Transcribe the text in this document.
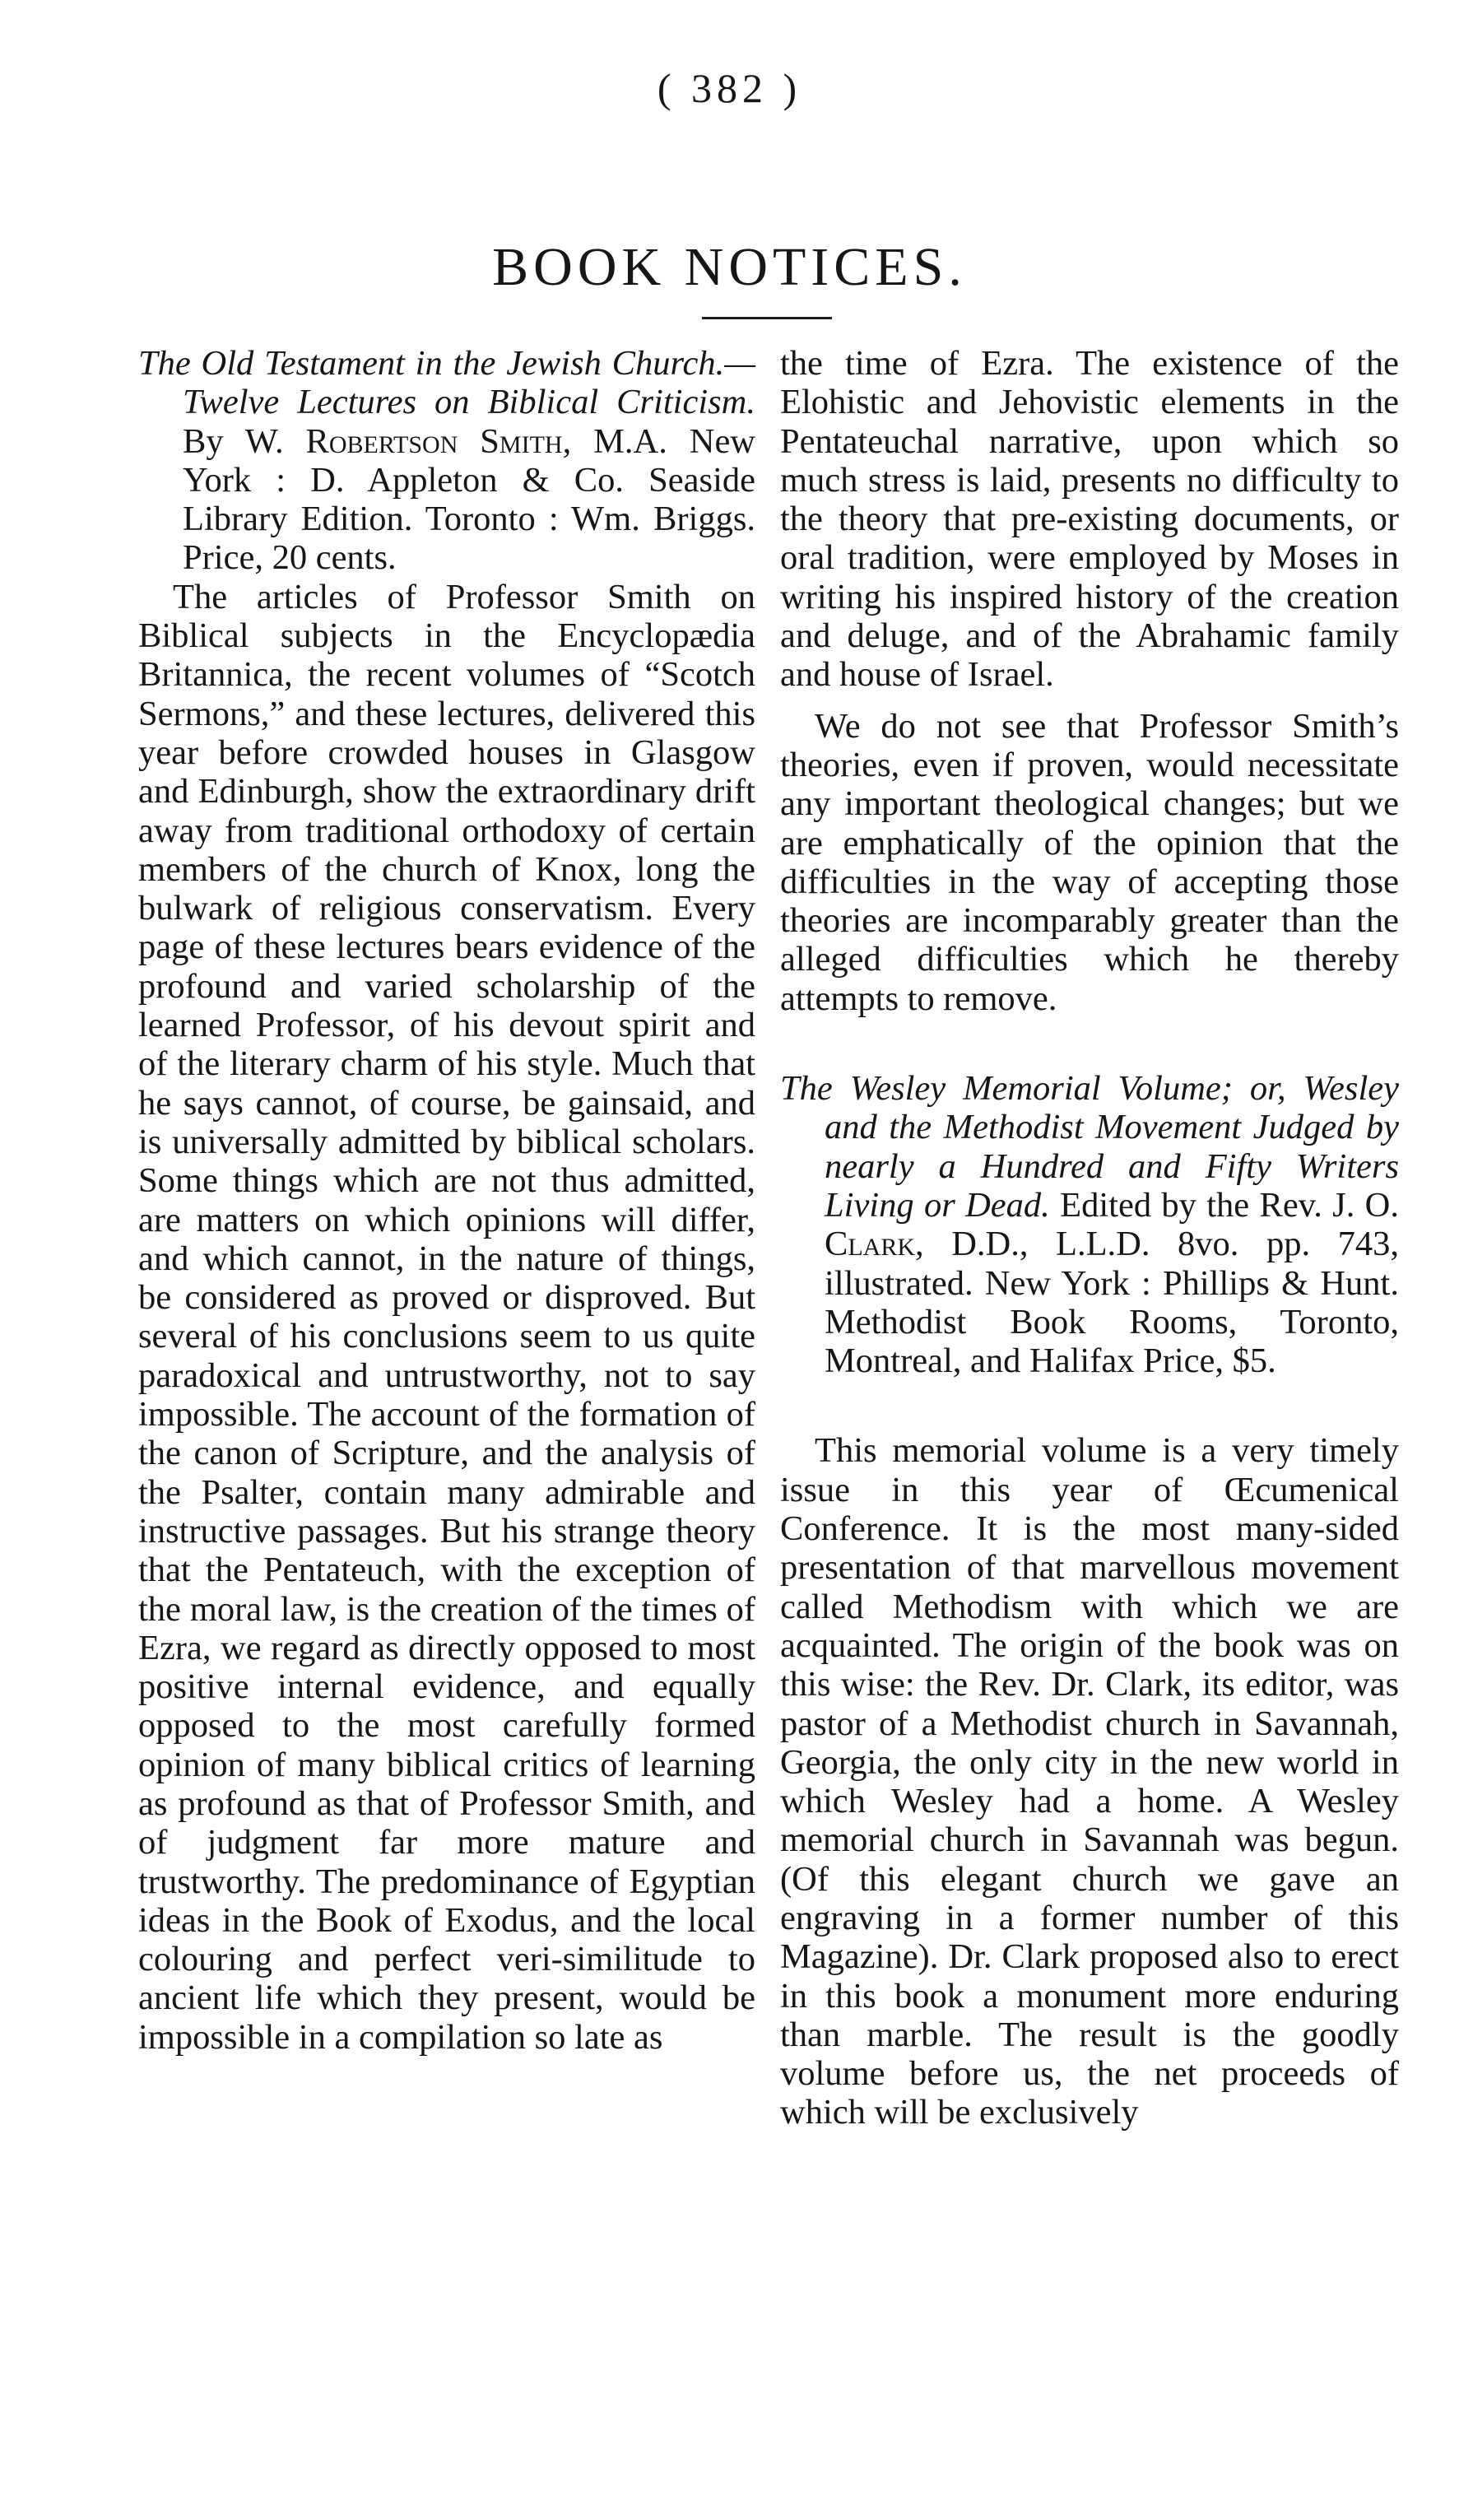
( 382 )
BOOK NOTICES.

The Old Testament in the Jewish Church.—Twelve Lectures on Biblical Criticism. By W. Robertson Smith, M.A. New York : D. Appleton & Co. Seaside Library Edition. Toronto : Wm. Briggs. Price, 20 cents.

The articles of Professor Smith on Biblical subjects in the Encyclopædia Britannica, the recent volumes of “Scotch Sermons,” and these lectures, delivered this year before crowded houses in Glasgow and Edinburgh, show the extraordinary drift away from traditional orthodoxy of certain members of the church of Knox, long the bulwark of religious conservatism. Every page of these lectures bears evidence of the profound and varied scholarship of the learned Professor, of his devout spirit and of the literary charm of his style. Much that he says cannot, of course, be gainsaid, and is universally admitted by biblical scholars. Some things which are not thus admitted, are matters on which opinions will differ, and which cannot, in the nature of things, be considered as proved or disproved. But several of his conclusions seem to us quite paradoxical and untrustworthy, not to say impossible. The account of the formation of the canon of Scripture, and the analysis of the Psalter, contain many admirable and instructive passages. But his strange theory that the Pentateuch, with the exception of the moral law, is the creation of the times of Ezra, we regard as directly opposed to most positive internal evidence, and equally opposed to the most carefully formed opinion of many biblical critics of learning as profound as that of Professor Smith, and of judgment far more mature and trustworthy. The predominance of Egyptian ideas in the Book of Exodus, and the local colouring and perfect veri-similitude to ancient life which they present, would be impossible in a compilation so late as

the time of Ezra. The existence of the Elohistic and Jehovistic elements in the Pentateuchal narrative, upon which so much stress is laid, presents no difficulty to the theory that pre-existing documents, or oral tradition, were employed by Moses in writing his inspired history of the creation and deluge, and of the Abrahamic family and house of Israel.

We do not see that Professor Smith’s theories, even if proven, would necessitate any important theological changes; but we are emphatically of the opinion that the difficulties in the way of accepting those theories are incomparably greater than the alleged difficulties which he thereby attempts to remove.

The Wesley Memorial Volume; or, Wesley and the Methodist Movement Judged by nearly a Hundred and Fifty Writers Living or Dead. Edited by the Rev. J. O. Clark, D.D., L.L.D. 8vo. pp. 743, illustrated. New York : Phillips & Hunt. Methodist Book Rooms, Toronto, Montreal, and Halifax Price, $5.

This memorial volume is a very timely issue in this year of Œcumenical Conference. It is the most many-sided presentation of that marvellous movement called Methodism with which we are acquainted. The origin of the book was on this wise: the Rev. Dr. Clark, its editor, was pastor of a Methodist church in Savannah, Georgia, the only city in the new world in which Wesley had a home. A Wesley memorial church in Savannah was begun. (Of this elegant church we gave an engraving in a former number of this Magazine). Dr. Clark proposed also to erect in this book a monument more enduring than marble. The result is the goodly volume before us, the net proceeds of which will be exclusively
